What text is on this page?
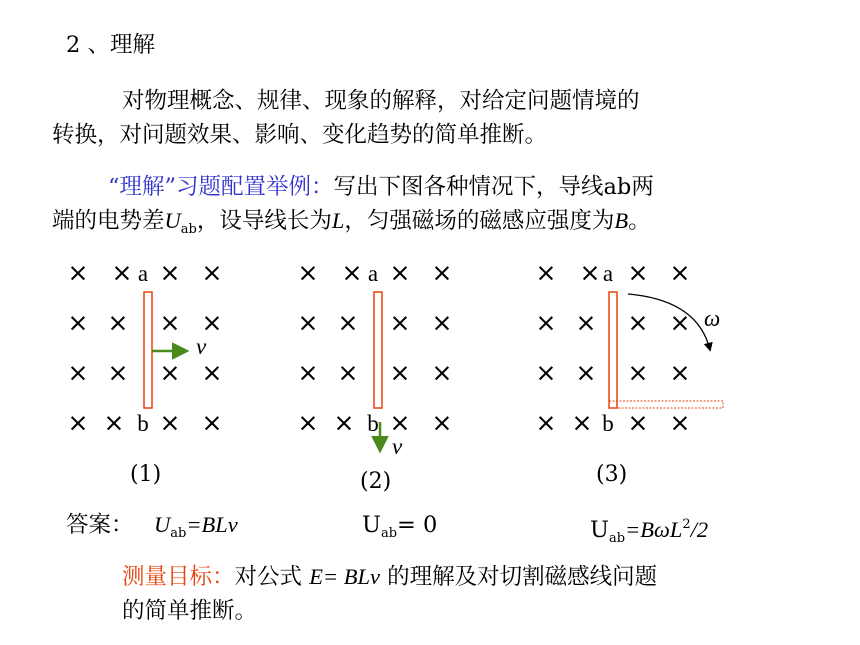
2 、理解
对物理概念、规律、现象的解释，对给定问题情境的
转换，对问题效果、影响、变化趋势的简单推断。
“理解”习题配置举例：写出下图各种情况下，导线ab两
端的电势差$U_{ab}$，设导线长为L，匀强磁场的磁感应强度为B。
× × a × ×
× × × ×
× × × ×
× × b × ×
× × a × ×
× × × ×
× × × ×
× × b × ×
× × a × ×
× × × ×
× × × ×
× × b × ×
v
v
ω
(1)	(2)	(3)
答案： $U_{ab}=BLv$	$U_{ab}= 0$	$U_{ab}=B\omega L^2/2$
测量目标：对公式 E= BLv 的理解及对切割磁感线问题
的简单推断。
